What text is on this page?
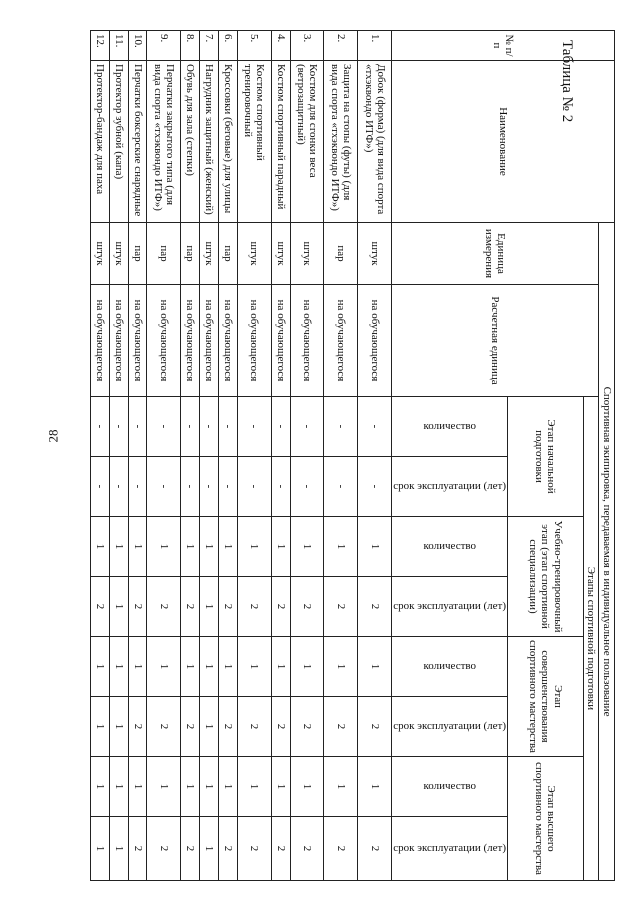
28
Таблица № 2
№ п/п	Наименование	Спортивная экипировка, передаваемая в индивидуальное пользование									
		Единица измерения	Расчетная единица	Этапы спортивной подготовки							
				Этап начальной подготовки		Учебно-тренировочный этап (этап спортивной специализации)		Этап совершенствования спортивного мастерства		Этап высшего спортивного мастерства	

				количество	срок эксплуатации (лет)	количество	срок эксплуатации (лет)	количество	срок эксплуатации (лет)	количество	срок эксплуатации (лет)

1.	Добок (форма) (для вида спорта «тхэквондо ИТФ»)	штук	на обучающегося	-	-	1	2	1	2	1	2
2.	Защита на стопы (футы) (для вида спорта «тхэквондо ИТФ»)	пар	на обучающегося	-	-	1	2	1	2	1	2
3.	Костюм для сгонки веса (ветрозащитный)	штук	на обучающегося	-	-	1	2	1	2	1	2
4.	Костюм спортивный парадный	штук	на обучающегося	-	-	1	2	1	2	1	2
5.	Костюм спортивный тренировочный	штук	на обучающегося	-	-	1	2	1	2	1	2
6.	Кроссовки (беговые) для улицы	пар	на обучающегося	-	-	1	2	1	2	1	2
7.	Нагрудник защитный (женский)	штук	на обучающегося	-	-	1	1	1	1	1	1
8.	Обувь для зала (степки)	пар	на обучающегося	-	-	1	2	1	2	1	2
9.	Перчатки закрытого типа (для вида спорта «тхэквондо ИТФ»)	пар	на обучающегося	-	-	1	2	1	2	1	2
10.	Перчатки боксерские снарядные	пар	на обучающегося	-	-	1	2	1	2	1	2
11.	Протектор зубной (капа)	штук	на обучающегося	-	-	1	1	1	1	1	1
12.	Протектор-бандаж для паха	штук	на обучающегося	-	-	1	2	1	1	1	1
